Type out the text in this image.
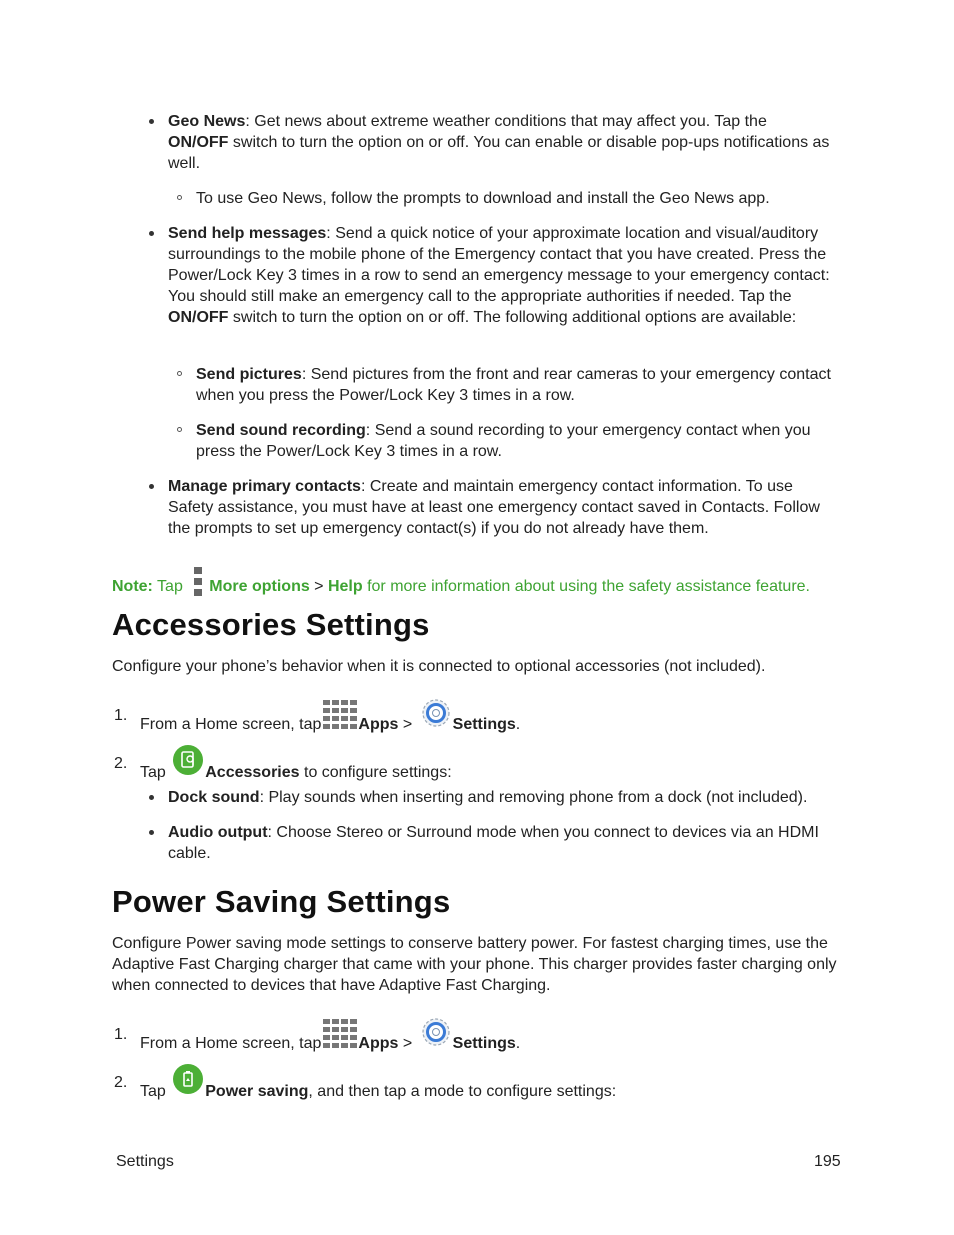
Geo News: Get news about extreme weather conditions that may affect you. Tap the
ON/OFF switch to turn the option on or off. You can enable or disable pop-ups notifications as well.
To use Geo News, follow the prompts to download and install the Geo News app.
Send help messages: Send a quick notice of your approximate location and visual/auditory surroundings to the mobile phone of the Emergency contact that you have created. Press the Power/Lock Key 3 times in a row to send an emergency message to your emergency contact: You should still make an emergency call to the appropriate authorities if needed. Tap the ON/OFF switch to turn the option on or off. The following additional options are available:
Send pictures: Send pictures from the front and rear cameras to your emergency contact when you press the Power/Lock Key 3 times in a row.
Send sound recording: Send a sound recording to your emergency contact when you press the Power/Lock Key 3 times in a row.
Manage primary contacts: Create and maintain emergency contact information. To use Safety assistance, you must have at least one emergency contact saved in Contacts. Follow the prompts to set up emergency contact(s) if you do not already have them.
Note: Tap
More options > Help for more information about using the safety assistance feature.
Accessories Settings
Configure your phone’s behavior when it is connected to optional accessories (not included).
1.
From a Home screen, tap Apps > Settings.
2.
Tap Accessories to configure settings:
Dock sound: Play sounds when inserting and removing phone from a dock (not included).
Audio output: Choose Stereo or Surround mode when you connect to devices via an HDMI cable.
Power Saving Settings
Configure Power saving mode settings to conserve battery power. For fastest charging times, use the Adaptive Fast Charging charger that came with your phone. This charger provides faster charging only when connected to devices that have Adaptive Fast Charging.
1.
From a Home screen, tap Apps > Settings.
2.
Tap Power saving, and then tap a mode to configure settings:
Settings	195
